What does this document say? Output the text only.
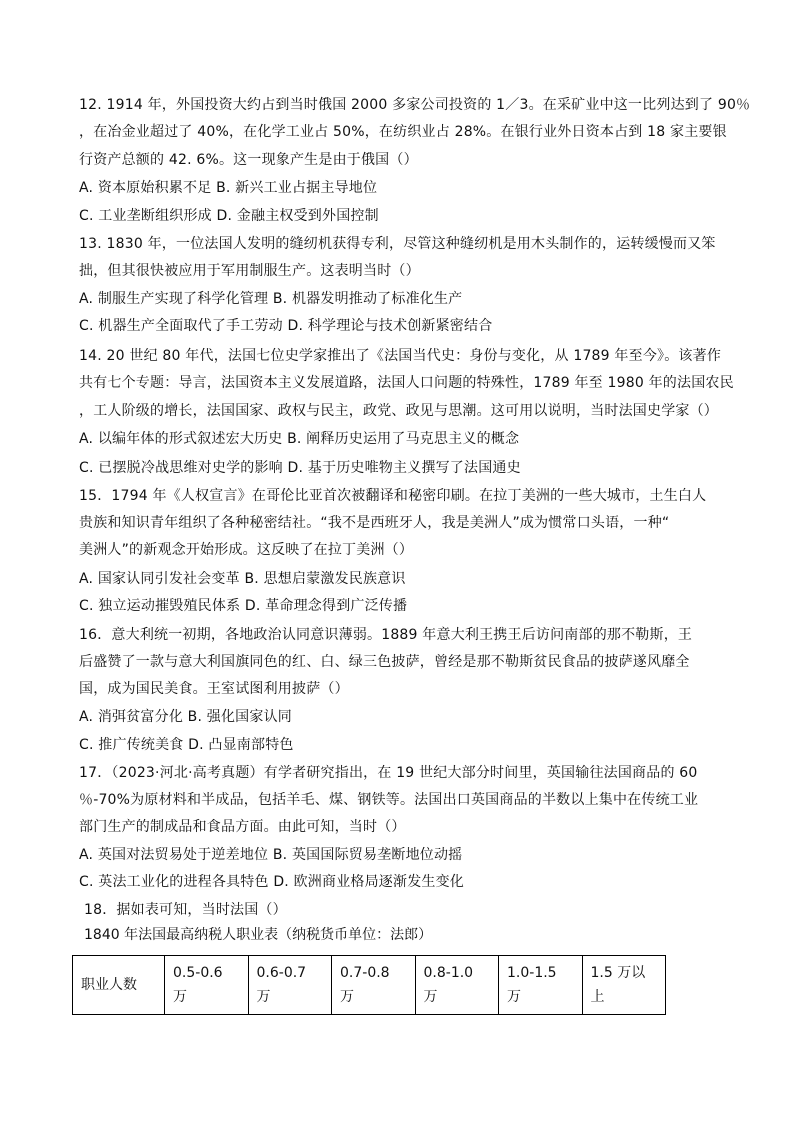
12. 1914 年，外国投资大约占到当时俄国 2000 多家公司投资的 1／3。在采矿业中这一比列达到了 90％
，在冶金业超过了 40%，在化学工业占 50%，在纺织业占 28%。在银行业外日资本占到 18 家主要银
行资产总额的 42. 6%。这一现象产生是由于俄国（）
A. 资本原始积累不足 B. 新兴工业占据主导地位
C. 工业垄断组织形成 D. 金融主权受到外国控制
13. 1830 年，一位法国人发明的缝纫机获得专利，尽管这种缝纫机是用木头制作的，运转缓慢而又笨
拙，但其很快被应用于军用制服生产。这表明当时（）
A. 制服生产实现了科学化管理 B. 机器发明推动了标准化生产
C. 机器生产全面取代了手工劳动 D. 科学理论与技术创新紧密结合
14. 20 世纪 80 年代，法国七位史学家推出了《法国当代史：身份与变化，从 1789 年至今》。该著作
共有七个专题：导言，法国资本主义发展道路，法国人口问题的特殊性，1789 年至 1980 年的法国农民
，工人阶级的增长，法国国家、政权与民主，政党、政见与思潮。这可用以说明，当时法国史学家（）
A. 以编年体的形式叙述宏大历史 B. 阐释历史运用了马克思主义的概念
C. 已摆脱冷战思维对史学的影响 D. 基于历史唯物主义撰写了法国通史
15．1794 年《人权宣言》在哥伦比亚首次被翻译和秘密印刷。在拉丁美洲的一些大城市，土生白人
贵族和知识青年组织了各种秘密结社。“我不是西班牙人，我是美洲人”成为惯常口头语，一种“
美洲人”的新观念开始形成。这反映了在拉丁美洲（）
A. 国家认同引发社会变革 B. 思想启蒙激发民族意识
C. 独立运动摧毁殖民体系 D. 革命理念得到广泛传播
16．意大利统一初期，各地政治认同意识薄弱。1889 年意大利王携王后访问南部的那不勒斯，王
后盛赞了一款与意大利国旗同色的红、白、绿三色披萨，曾经是那不勒斯贫民食品的披萨遂风靡全
国，成为国民美食。王室试图利用披萨（）
A. 消弭贫富分化 B. 强化国家认同
C. 推广传统美食 D. 凸显南部特色
17．（2023·河北·高考真题）有学者研究指出，在 19 世纪大部分时间里，英国输往法国商品的 60
％-70%为原材料和半成品，包括羊毛、煤、钢铁等。法国出口英国商品的半数以上集中在传统工业
部门生产的制成品和食品方面。由此可知，当时（）
A. 英国对法贸易处于逆差地位 B. 英国国际贸易垄断地位动摇
C. 英法工业化的进程各具特色 D. 欧洲商业格局逐渐发生变化
18．据如表可知，当时法国（）
1840 年法国最高纳税人职业表（纳税货币单位：法郎）
职业人数	0.5-0.6 万	0.6-0.7 万	0.7-0.8 万	0.8-1.0 万	1.0-1.5 万	1.5 万以上
